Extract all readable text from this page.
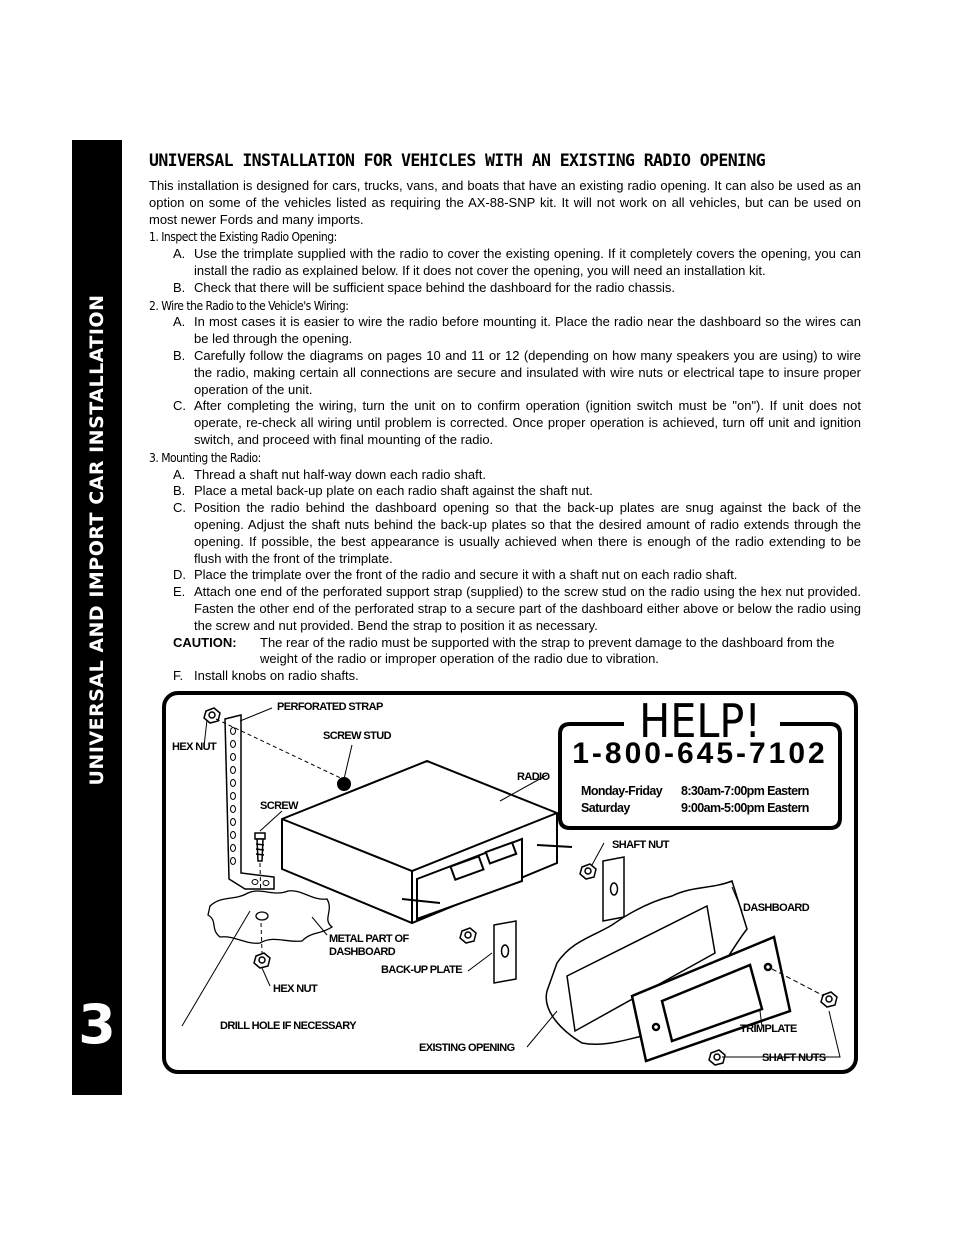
UNIVERSAL AND IMPORT CAR INSTALLATION
3
UNIVERSAL INSTALLATION FOR VEHICLES WITH AN EXISTING RADIO OPENING

This installation is designed for cars, trucks, vans, and boats that have an existing radio opening. It can also be used as an option on some of the vehicles listed as requiring the AX-88-SNP kit. It will not work on all vehicles, but can be used on most newer Fords and many imports.

1. Inspect the Existing Radio Opening:
A. Use the trimplate supplied with the radio to cover the existing opening. If it completely covers the opening, you can install the radio as explained below. If it does not cover the opening, you will need an installation kit.
B. Check that there will be sufficient space behind the dashboard for the radio chassis.
2. Wire the Radio to the Vehicle's Wiring:
A. In most cases it is easier to wire the radio before mounting it. Place the radio near the dashboard so the wires can be led through the opening.
B. Carefully follow the diagrams on pages 10 and 11 or 12 (depending on how many speakers you are using) to wire the radio, making certain all connections are secure and insulated with wire nuts or electrical tape to insure proper operation of the unit.
C. After completing the wiring, turn the unit on to confirm operation (ignition switch must be "on"). If unit does not operate, re-check all wiring until problem is corrected. Once proper operation is achieved, turn off unit and ignition switch, and proceed with final mounting of the radio.
3. Mounting the Radio:
A. Thread a shaft nut half-way down each radio shaft.
B. Place a metal back-up plate on each radio shaft against the shaft nut.
C. Position the radio behind the dashboard opening so that the back-up plates are snug against the back of the opening. Adjust the shaft nuts behind the back-up plates so that the desired amount of radio extends through the opening. If possible, the best appearance is usually achieved when there is enough of the radio extending to be flush with the front of the trimplate.
D. Place the trimplate over the front of the radio and secure it with a shaft nut on each radio shaft.
E. Attach one end of the perforated support strap (supplied) to the screw stud on the radio using the hex nut provided. Fasten the other end of the perforated strap to a secure part of the dashboard either above or below the radio using the screw and nut provided. Bend the strap to position it as necessary.
CAUTION: The rear of the radio must be supported with the strap to prevent damage to the dashboard from the weight of the radio or improper operation of the radio due to vibration.
F. Install knobs on radio shafts.
HELP!
1-800-645-7102
Monday-Friday 8:30am-7:00pm Eastern
Saturday	9:00am-5:00pm Eastern
PERFORATED STRAP
HEX NUT
SCREW STUD
RADIO
SCREW
SHAFT NUT
DASHBOARD
METAL PART OF
DASHBOARD
BACK-UP PLATE
HEX NUT
DRILL HOLE IF NECESSARY
EXISTING OPENING
TRIMPLATE
SHAFT NUTS
